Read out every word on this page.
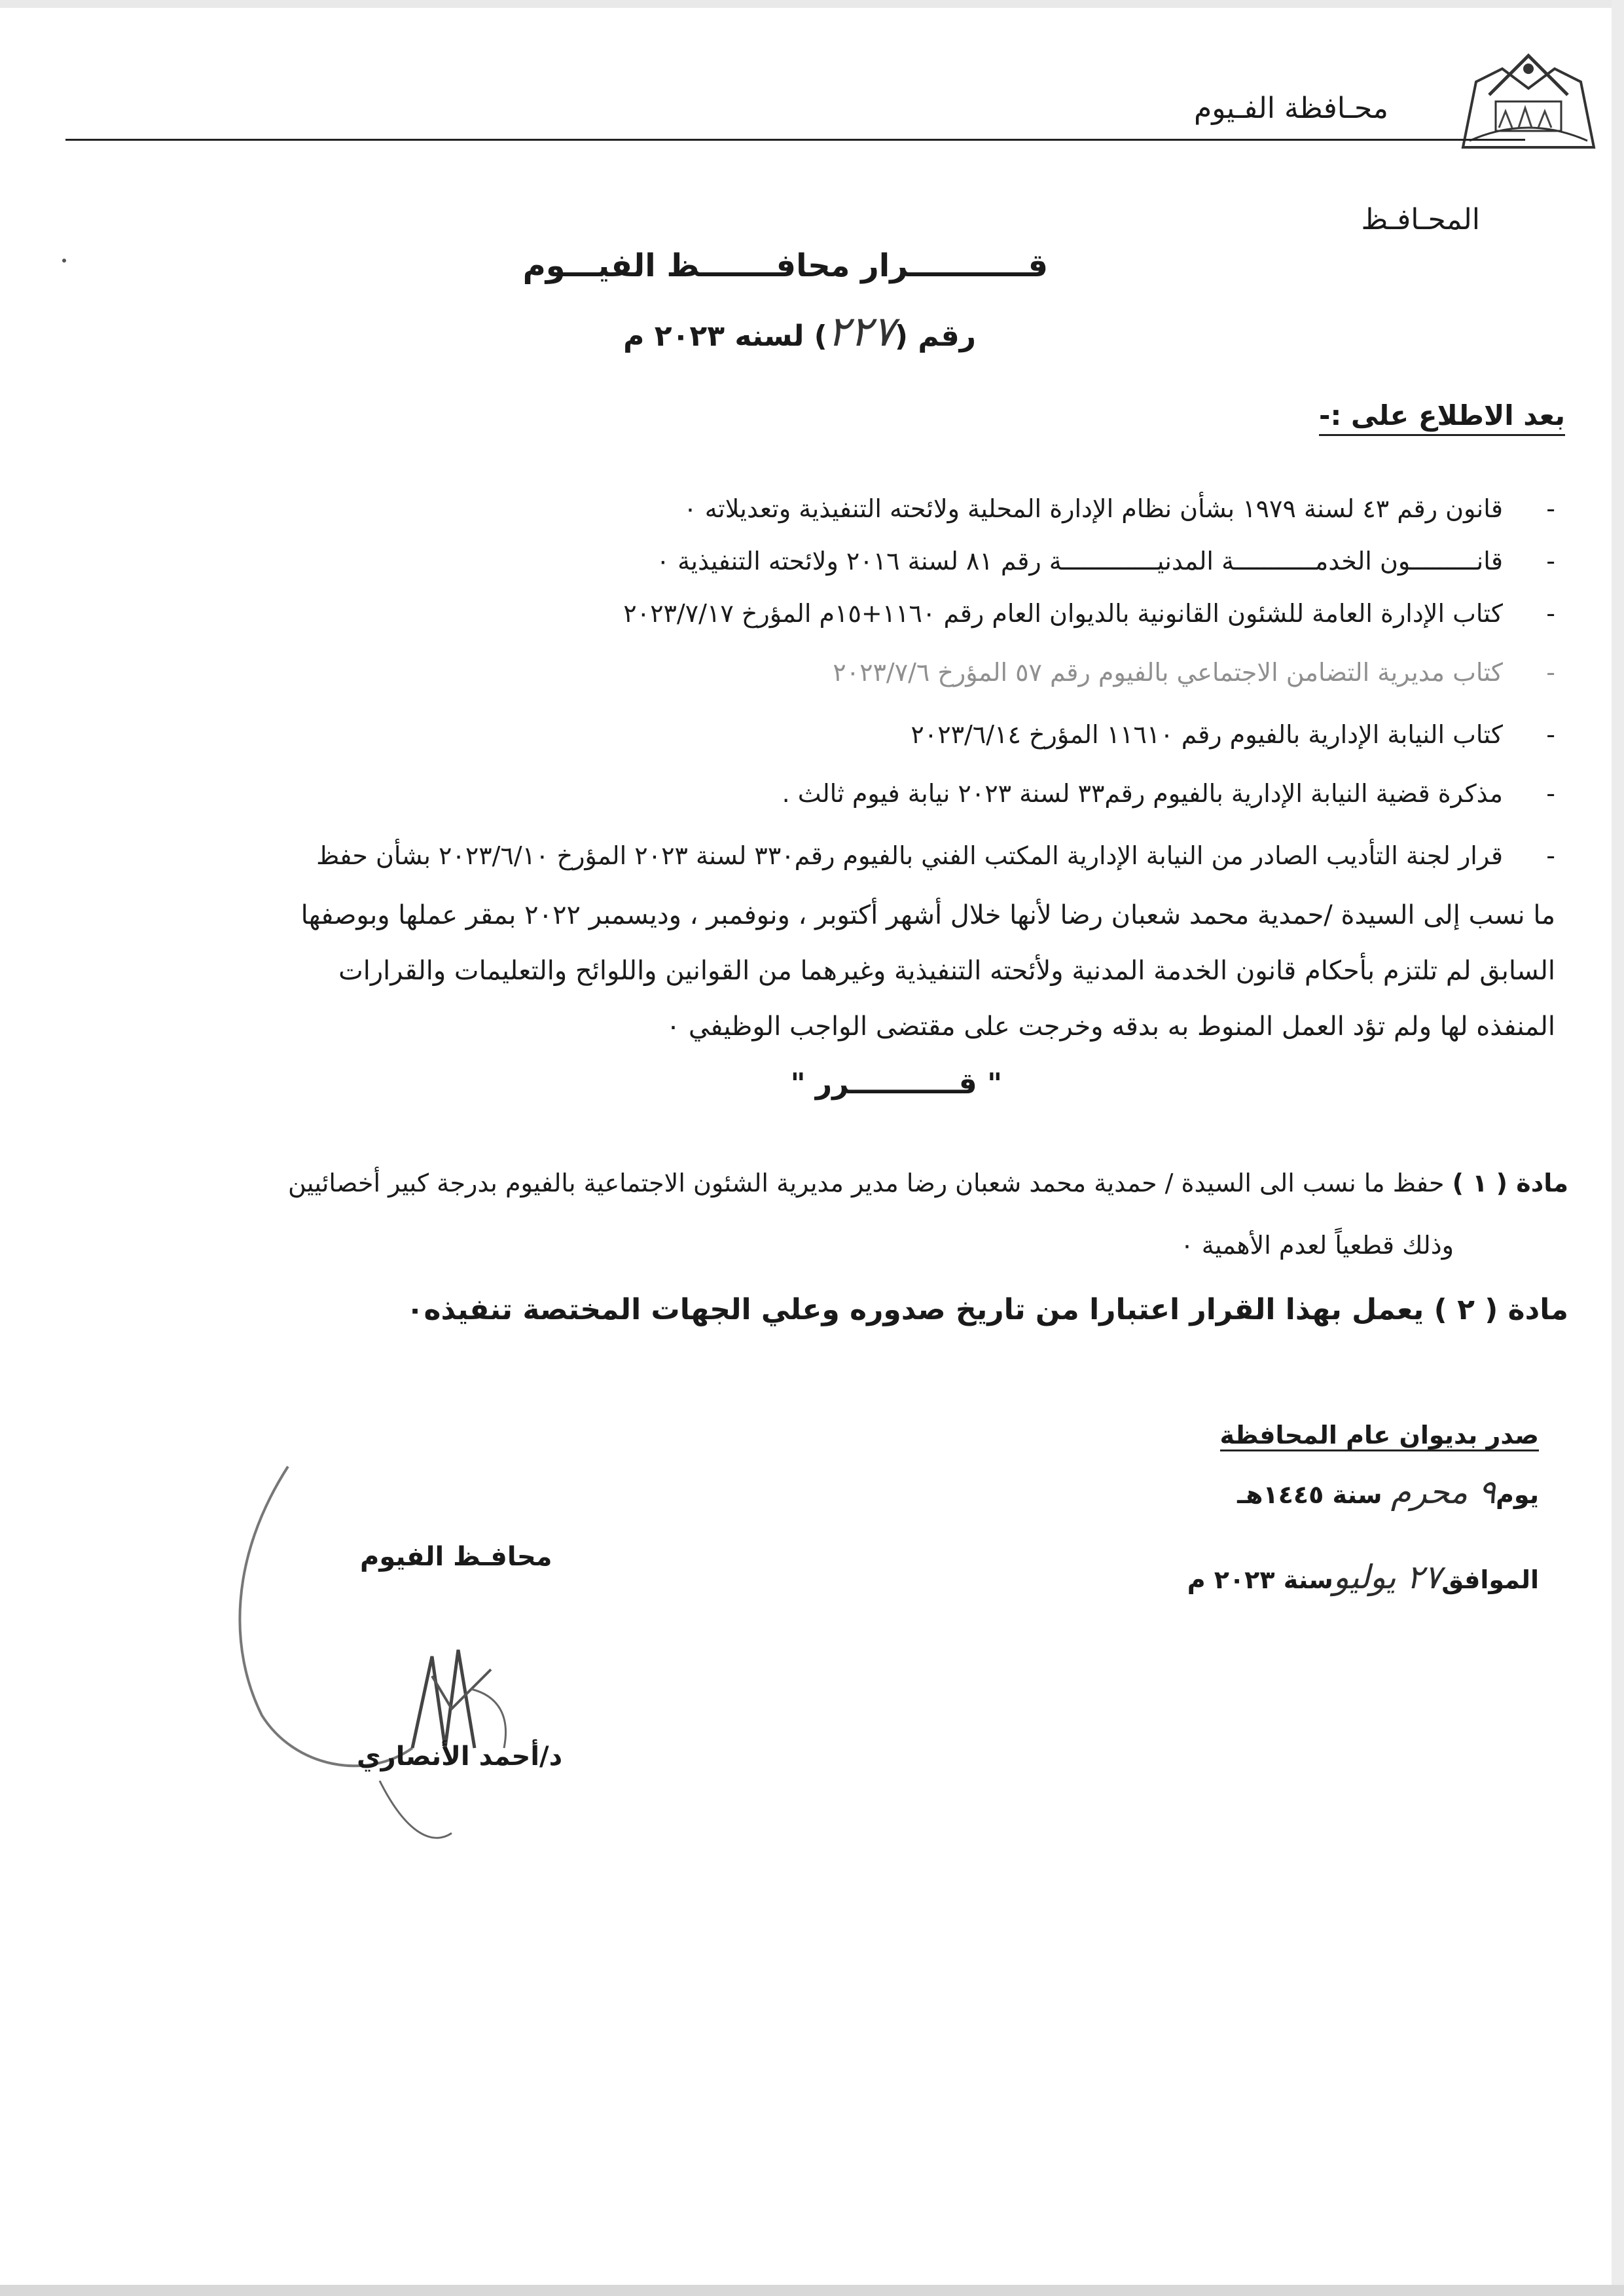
محـافظة الفـيوم
المحـافـظ
قـــــــــــرار محافـــــــظ الفيـــوم
رقم (٢٢٧) لسنه ٢٠٢٣ م
بعد الاطلاع على :-
-
قانون رقم ٤٣ لسنة ١٩٧٩ بشأن نظام الإدارة المحلية ولائحته التنفيذية وتعديلاته ٠
-
قانـــــــــون الخدمـــــــــــة المدنيـــــــــــــة رقم ٨١ لسنة ٢٠١٦ ولائحته التنفيذية ٠
-
كتاب الإدارة العامة للشئون القانونية بالديوان العام رقم ١١٦٠+١٥م المؤرخ ٢٠٢٣/٧/١٧
-
كتاب مديرية التضامن الاجتماعي بالفيوم رقم ٥٧ المؤرخ ٢٠٢٣/٧/٦
-
كتاب النيابة الإدارية بالفيوم رقم ١١٦١٠ المؤرخ ٢٠٢٣/٦/١٤
-
مذكرة قضية النيابة الإدارية بالفيوم رقم٣٣ لسنة ٢٠٢٣ نيابة فيوم ثالث .
-
قرار لجنة التأديب الصادر من النيابة الإدارية المكتب الفني بالفيوم رقم٣٣٠ لسنة ٢٠٢٣ المؤرخ ٢٠٢٣/٦/١٠ بشأن حفظ
ما نسب إلى السيدة /حمدية محمد شعبان رضا لأنها خلال أشهر أكتوبر ، ونوفمبر ، وديسمبر ٢٠٢٢ بمقر عملها وبوصفها
السابق لم تلتزم بأحكام قانون الخدمة المدنية ولأئحته التنفيذية وغيرهما من القوانين واللوائح والتعليمات والقرارات
المنفذه لها ولم تؤد العمل المنوط به بدقه وخرجت على مقتضى الواجب الوظيفي ٠
" قـــــــــــرر "
مادة ( ١ ) حفظ ما نسب الى السيدة / حمدية محمد شعبان رضا مدير مديرية الشئون الاجتماعية بالفيوم بدرجة كبير أخصائيين
وذلك قطعياً لعدم الأهمية ٠
مادة ( ٢ ) يعمل بهذا القرار اعتبارا من تاريخ صدوره وعلي الجهات المختصة تنفيذه٠
صدر بديوان عام المحافظة
يوم٩ محرم سنة ١٤٤٥هـ
الموافق٢٧ يوليوسنة ٢٠٢٣ م
محافـظ الفيوم
د/أحمد الأنصاري
